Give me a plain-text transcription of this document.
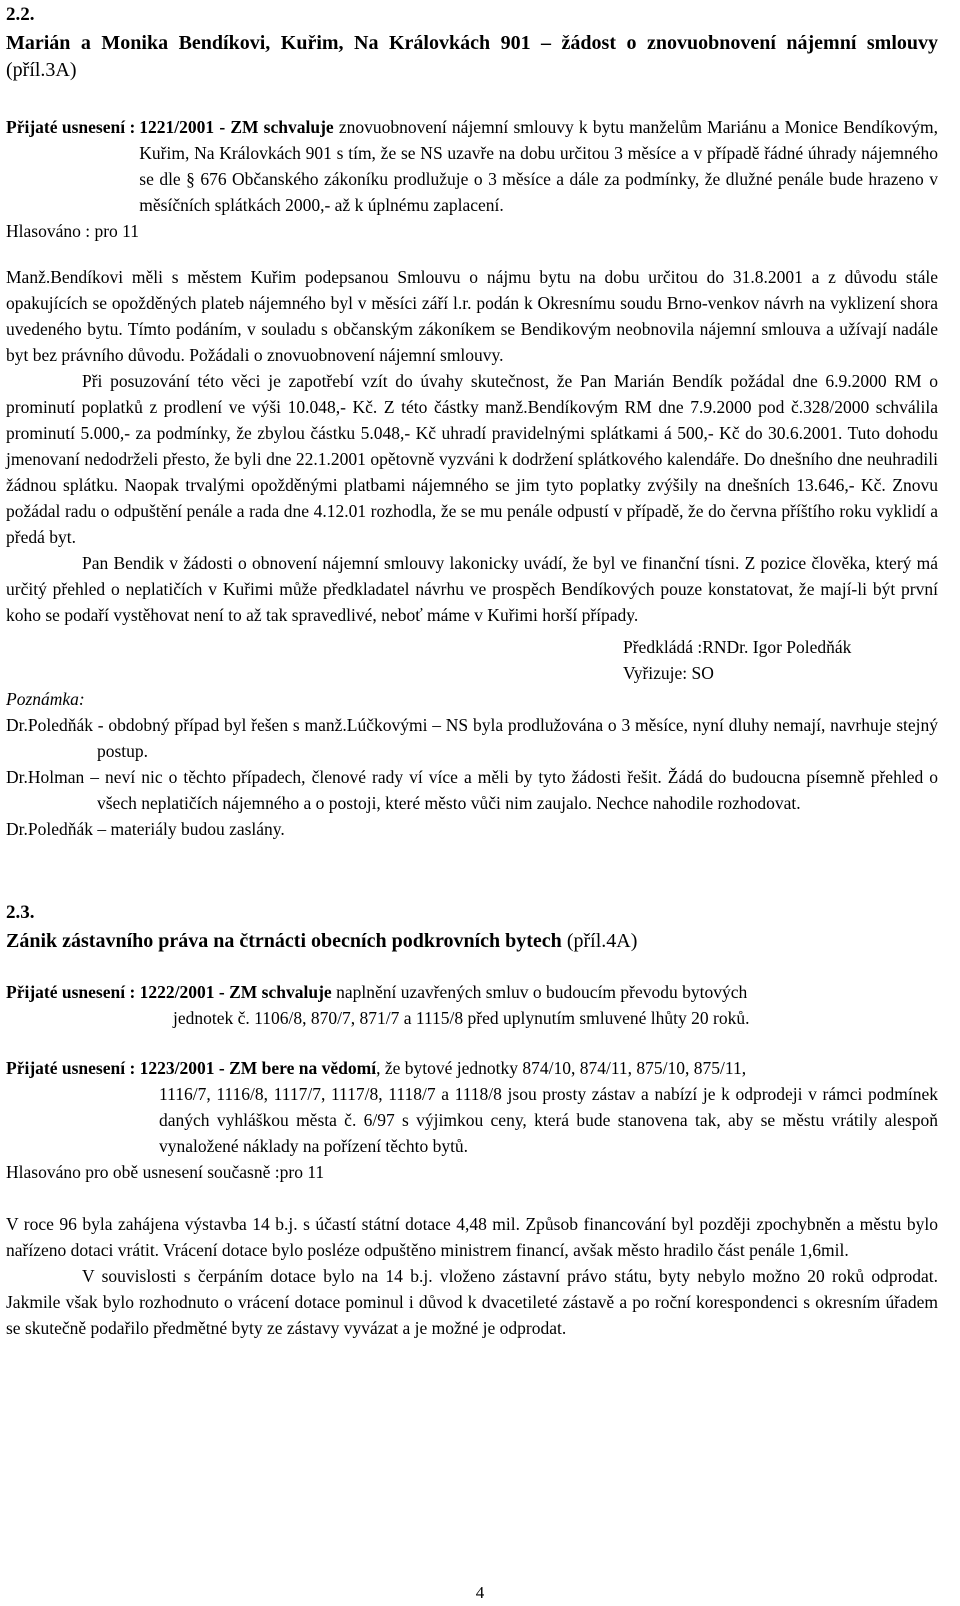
2.2.
Marián a Monika Bendíkovi, Kuřim, Na Královkách 901 – žádost o znovuobnovení nájemní smlouvy (příl.3A)
Přijaté usnesení : 1221/2001 - ZM schvaluje znovuobnovení nájemní smlouvy k bytu manželům Mariánu a Monice Bendíkovým, Kuřim, Na Královkách 901 s tím, že se NS uzavře na dobu určitou 3 měsíce a v případě řádné úhrady nájemného se dle § 676 Občanského zákoníku prodlužuje o 3 měsíce a dále za podmínky, že dlužné penále bude hrazeno v měsíčních splátkách 2000,- až k úplnému zaplacení.

Hlasováno : pro 11

Manž.Bendíkovi měli s městem Kuřim podepsanou Smlouvu o nájmu bytu na dobu určitou do 31.8.2001 a z důvodu stále opakujících se opožděných plateb nájemného byl v měsíci září l.r. podán k Okresnímu soudu Brno-venkov návrh na vyklizení shora uvedeného bytu. Tímto podáním, v souladu s občanským zákoníkem se Bendikovým neobnovila nájemní smlouva a užívají nadále byt bez právního důvodu. Požádali o znovuobnovení nájemní smlouvy.

Při posuzování této věci je zapotřebí vzít do úvahy skutečnost, že Pan Marián Bendík požádal dne 6.9.2000 RM o prominutí poplatků z prodlení ve výši 10.048,- Kč. Z této částky manž.Bendíkovým RM dne 7.9.2000 pod č.328/2000 schválila prominutí 5.000,- za podmínky, že zbylou částku 5.048,- Kč uhradí pravidelnými splátkami á 500,- Kč do 30.6.2001. Tuto dohodu jmenovaní nedodrželi přesto, že byli dne 22.1.2001 opětovně vyzváni k dodržení splátkového kalendáře. Do dnešního dne neuhradili žádnou splátku. Naopak trvalými opožděnými platbami nájemného se jim tyto poplatky zvýšily na dnešních 13.646,- Kč. Znovu požádal radu o odpuštění penále a rada dne 4.12.01 rozhodla, že se mu penále odpustí v případě, že do června příštího roku vyklidí a předá byt.

Pan Bendik v žádosti o obnovení nájemní smlouvy lakonicky uvádí, že byl ve finanční tísni. Z pozice člověka, který má určitý přehled o neplatičích v Kuřimi může předkladatel návrhu ve prospěch Bendíkových pouze konstatovat, že mají-li být první koho se podaří vystěhovat není to až tak spravedlivé, neboť máme v Kuřimi horší případy.

Předkládá :RNDr. Igor Poledňák

Vyřizuje: SO

Poznámka:

Dr.Poledňák - obdobný případ byl řešen s manž.Lúčkovými – NS byla prodlužována o 3 měsíce, nyní dluhy nemají, navrhuje stejný postup.

Dr.Holman – neví nic o těchto případech, členové rady ví více a měli by tyto žádosti řešit. Žádá do budoucna písemně přehled o všech neplatičích nájemného a o postoji, které město vůči nim zaujalo. Nechce nahodile rozhodovat.

Dr.Poledňák – materiály budou zaslány.

2.3.
Zánik zástavního práva na čtrnácti obecních podkrovních bytech (příl.4A)

Přijaté usnesení : 1222/2001 - ZM schvaluje naplnění uzavřených smluv o budoucím převodu bytových

jednotek č. 1106/8, 870/7, 871/7 a 1115/8 před uplynutím smluvené lhůty 20 roků.

Přijaté usnesení : 1223/2001 - ZM bere na vědomí, že bytové jednotky 874/10, 874/11, 875/10, 875/11,

1116/7, 1116/8, 1117/7, 1117/8, 1118/7 a 1118/8 jsou prosty zástav a nabízí je k odprodeji v rámci podmínek daných vyhláškou města č. 6/97 s výjimkou ceny, která bude stanovena tak, aby se městu vrátily alespoň vynaložené náklady na pořízení těchto bytů.

Hlasováno pro obě usnesení současně :pro 11

V roce 96 byla zahájena výstavba 14 b.j. s účastí státní dotace 4,48 mil. Způsob financování byl později zpochybněn a městu bylo nařízeno dotaci vrátit. Vrácení dotace bylo posléze odpuštěno ministrem financí, avšak město hradilo část penále 1,6mil.

V souvislosti s čerpáním dotace bylo na 14 b.j. vloženo zástavní právo státu, byty nebylo možno 20 roků odprodat. Jakmile však bylo rozhodnuto o vrácení dotace pominul i důvod k dvacetileté zástavě a po roční korespondenci s okresním úřadem se skutečně podařilo předmětné byty ze zástavy vyvázat a je možné je odprodat.

4
